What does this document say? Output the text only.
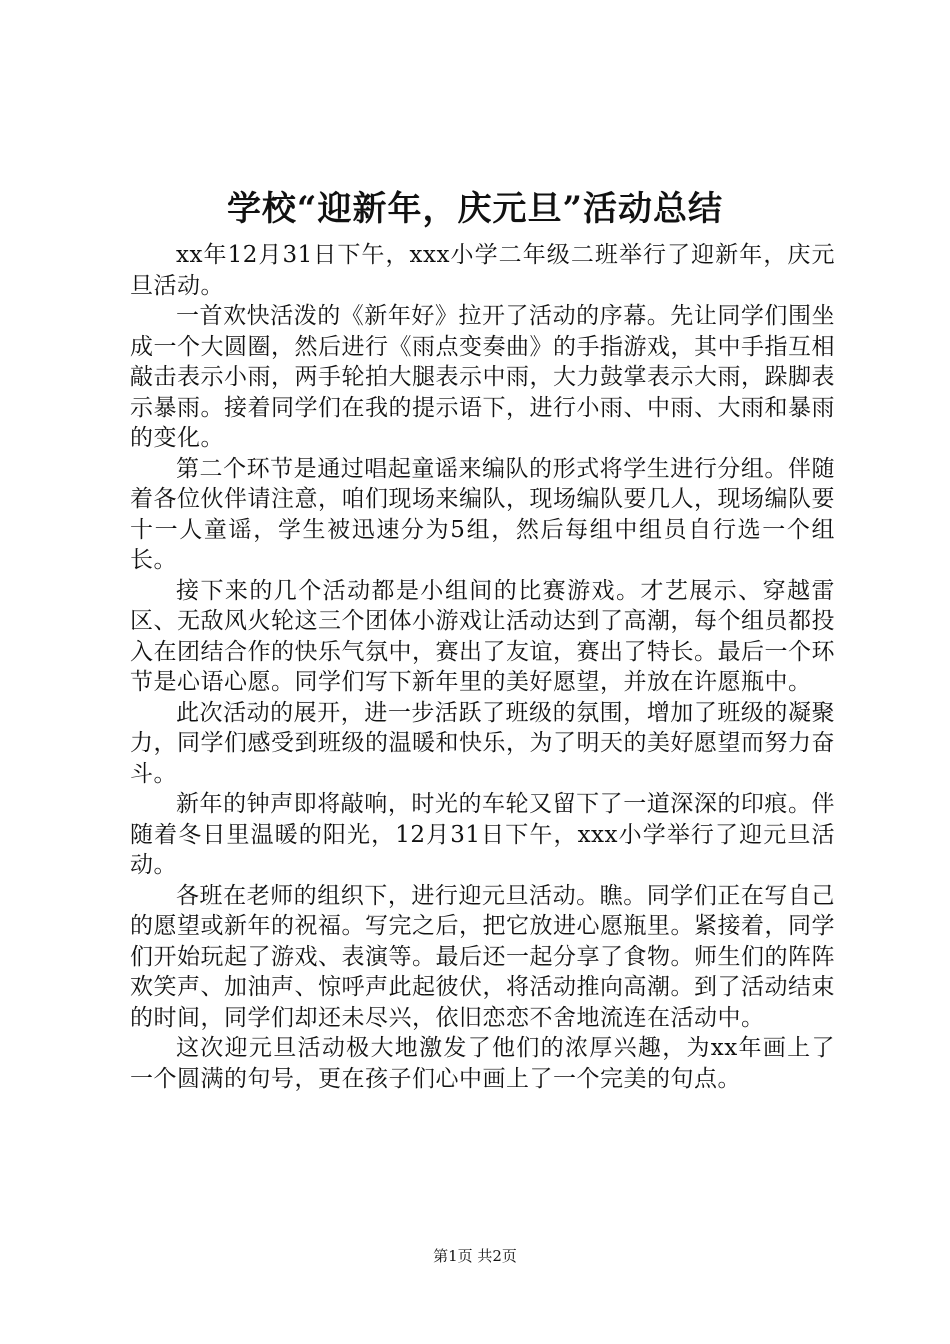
学校“迎新年，庆元旦”活动总结

xx年12月31日下午，xxx小学二年级二班举行了迎新年，庆元旦活动。

一首欢快活泼的《新年好》拉开了活动的序幕。先让同学们围坐成一个大圆圈，然后进行《雨点变奏曲》的手指游戏，其中手指互相敲击表示小雨，两手轮拍大腿表示中雨，大力鼓掌表示大雨，跺脚表示暴雨。接着同学们在我的提示语下，进行小雨、中雨、大雨和暴雨的变化。

第二个环节是通过唱起童谣来编队的形式将学生进行分组。伴随着各位伙伴请注意，咱们现场来编队，现场编队要几人，现场编队要十一人童谣，学生被迅速分为5组，然后每组中组员自行选一个组长。

接下来的几个活动都是小组间的比赛游戏。才艺展示、穿越雷区、无敌风火轮这三个团体小游戏让活动达到了高潮，每个组员都投入在团结合作的快乐气氛中，赛出了友谊，赛出了特长。最后一个环节是心语心愿。同学们写下新年里的美好愿望，并放在许愿瓶中。

此次活动的展开，进一步活跃了班级的氛围，增加了班级的凝聚力，同学们感受到班级的温暖和快乐，为了明天的美好愿望而努力奋斗。

新年的钟声即将敲响，时光的车轮又留下了一道深深的印痕。伴随着冬日里温暖的阳光，12月31日下午，xxx小学举行了迎元旦活动。

各班在老师的组织下，进行迎元旦活动。瞧。同学们正在写自己的愿望或新年的祝福。写完之后，把它放进心愿瓶里。紧接着，同学们开始玩起了游戏、表演等。最后还一起分享了食物。师生们的阵阵欢笑声、加油声、惊呼声此起彼伏，将活动推向高潮。到了活动结束的时间，同学们却还未尽兴，依旧恋恋不舍地流连在活动中。

这次迎元旦活动极大地激发了他们的浓厚兴趣，为xx年画上了一个圆满的句号，更在孩子们心中画上了一个完美的句点。

第1页 共2页
